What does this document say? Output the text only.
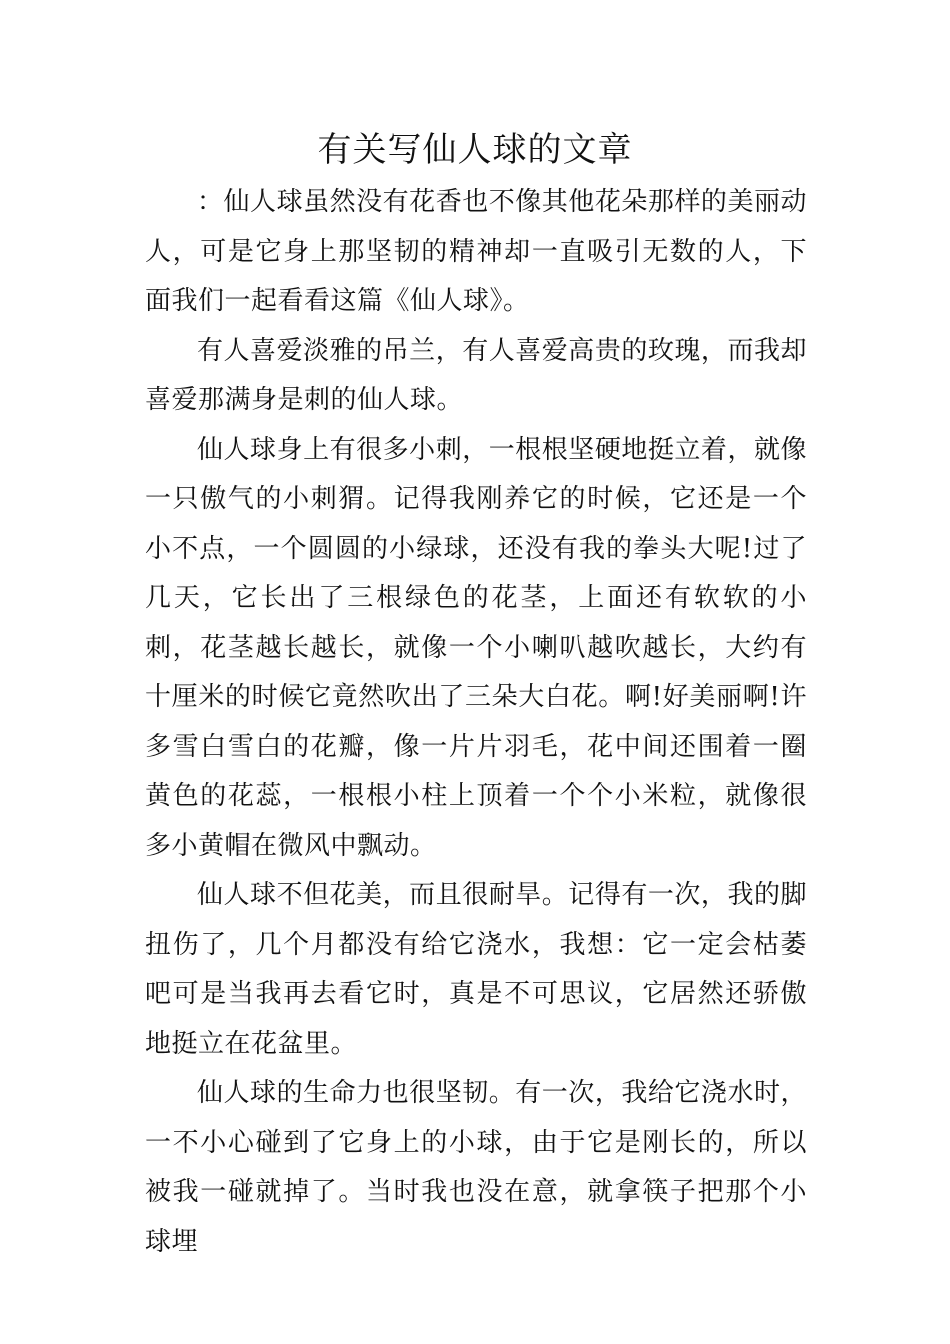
有关写仙人球的文章

：仙人球虽然没有花香也不像其他花朵那样的美丽动人，可是它身上那坚韧的精神却一直吸引无数的人，下面我们一起看看这篇《仙人球》。

有人喜爱淡雅的吊兰，有人喜爱高贵的玫瑰，而我却喜爱那满身是刺的仙人球。

仙人球身上有很多小刺，一根根坚硬地挺立着，就像一只傲气的小刺猬。记得我刚养它的时候，它还是一个小不点，一个圆圆的小绿球，还没有我的拳头大呢!过了几天，它长出了三根绿色的花茎，上面还有软软的小刺，花茎越长越长，就像一个小喇叭越吹越长，大约有十厘米的时候它竟然吹出了三朵大白花。啊!好美丽啊!许多雪白雪白的花瓣，像一片片羽毛，花中间还围着一圈黄色的花蕊，一根根小柱上顶着一个个小米粒，就像很多小黄帽在微风中飘动。

仙人球不但花美，而且很耐旱。记得有一次，我的脚扭伤了，几个月都没有给它浇水，我想：它一定会枯萎吧可是当我再去看它时，真是不可思议，它居然还骄傲地挺立在花盆里。

仙人球的生命力也很坚韧。有一次，我给它浇水时，一不小心碰到了它身上的小球，由于它是刚长的，所以被我一碰就掉了。当时我也没在意，就拿筷子把那个小球埋
